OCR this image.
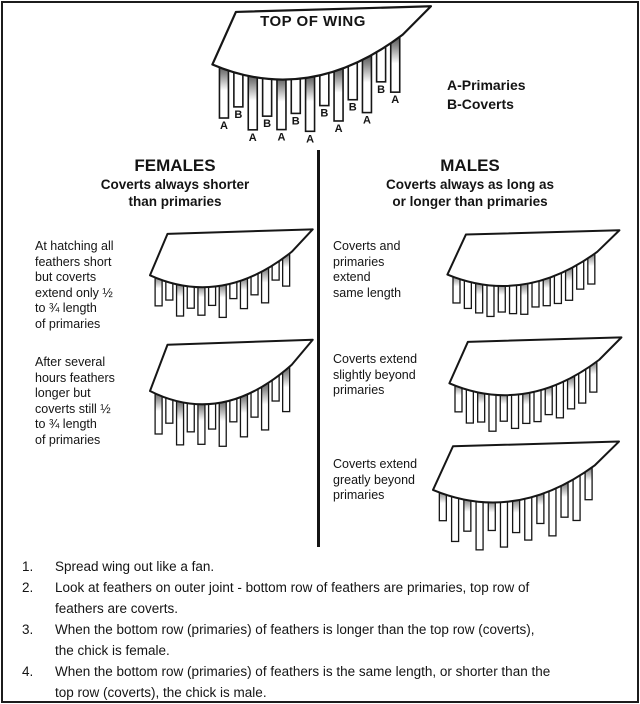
A
A A A
A
A
A
B
B B
B B
B
TOP OF WING
A-Primaries
B-Coverts
FEMALES
Coverts always shorter
than primaries
MALES
Coverts always as long as
or longer than primaries
At hatching all
feathers short
but coverts
extend only ½
to ¾ length
of primaries
After several
hours feathers
longer but
coverts still ½
to ¾ length
of primaries
Coverts and
primaries
extend
same length
Coverts extend
slightly beyond
primaries
Coverts extend
greatly beyond
primaries
1.	Spread wing out like a fan.
2.	Look at feathers on outer joint - bottom row of feathers are primaries, top row of
feathers are coverts.
3.	When the bottom row (primaries) of feathers is longer than the top row (coverts),
the chick is female.
4.	When the bottom row (primaries) of feathers is the same length, or shorter than the
top row (coverts), the chick is male.
